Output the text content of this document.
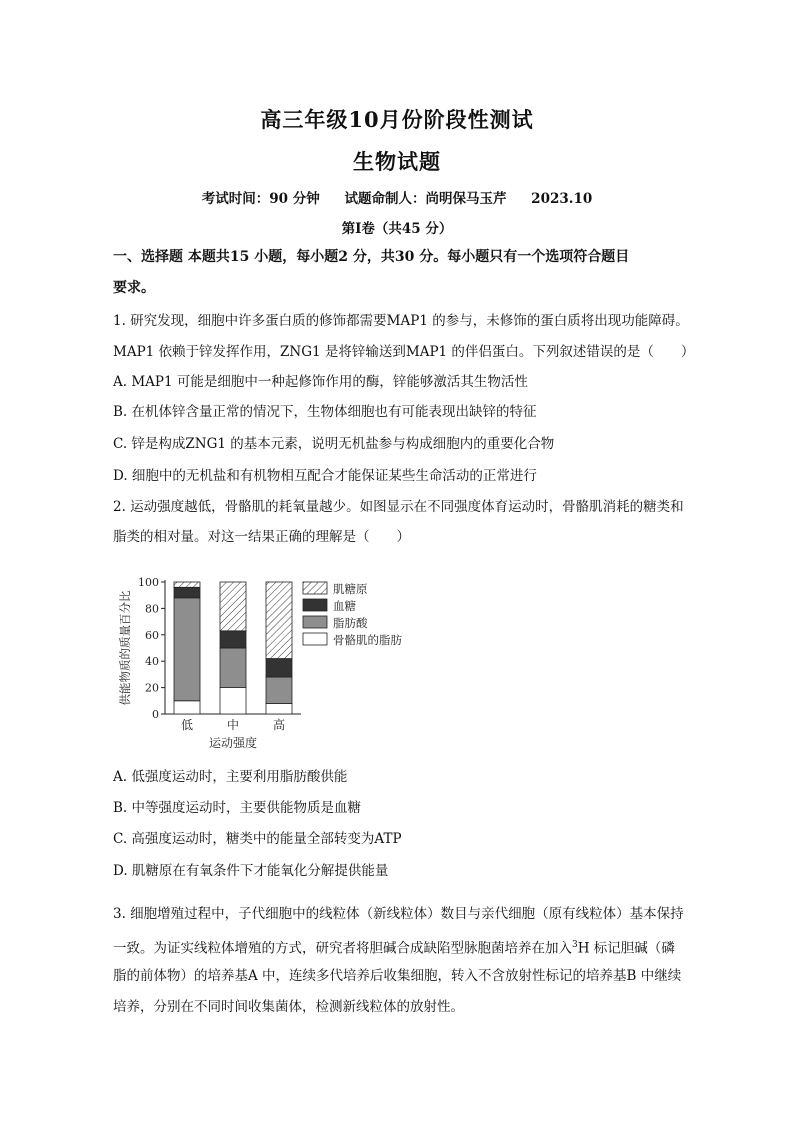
高三年级10月份阶段性测试
生物试题
考试时间：90 分钟 试题命制人：尚明保马玉芹 2023.10
第Ⅰ卷（共45 分）
一、选择题 本题共15 小题，每小题2 分，共30 分。每小题只有一个选项符合题目
要求。
1. 研究发现，细胞中许多蛋白质的修饰都需要MAP1 的参与，未修饰的蛋白质将出现功能障碍。
MAP1 依赖于锌发挥作用，ZNG1 是将锌输送到MAP1 的伴侣蛋白。下列叙述错误的是（　　）
A. MAP1 可能是细胞中一种起修饰作用的酶，锌能够激活其生物活性
B. 在机体锌含量正常的情况下，生物体细胞也有可能表现出缺锌的特征
C. 锌是构成ZNG1 的基本元素，说明无机盐参与构成细胞内的重要化合物
D. 细胞中的无机盐和有机物相互配合才能保证某些生命活动的正常进行
2. 运动强度越低，骨骼肌的耗氧量越少。如图显示在不同强度体育运动时，骨骼肌消耗的糖类和
脂类的相对量。对这一结果正确的理解是（　　）
0
20
40
60
80
100
供能物质的质量百分比
低	中	高
运动强度
肌糖原
血糖
脂肪酸
骨骼肌的脂肪
A. 低强度运动时，主要利用脂肪酸供能
B. 中等强度运动时，主要供能物质是血糖
C. 高强度运动时，糖类中的能量全部转变为ATP
D. 肌糖原在有氧条件下才能氧化分解提供能量
3. 细胞增殖过程中，子代细胞中的线粒体（新线粒体）数目与亲代细胞（原有线粒体）基本保持
一致。为证实线粒体增殖的方式，研究者将胆碱合成缺陷型脉胞菌培养在加入$^3$H 标记胆碱（磷
脂的前体物）的培养基A 中，连续多代培养后收集细胞，转入不含放射性标记的培养基B 中继续
培养，分别在不同时间收集菌体，检测新线粒体的放射性。
